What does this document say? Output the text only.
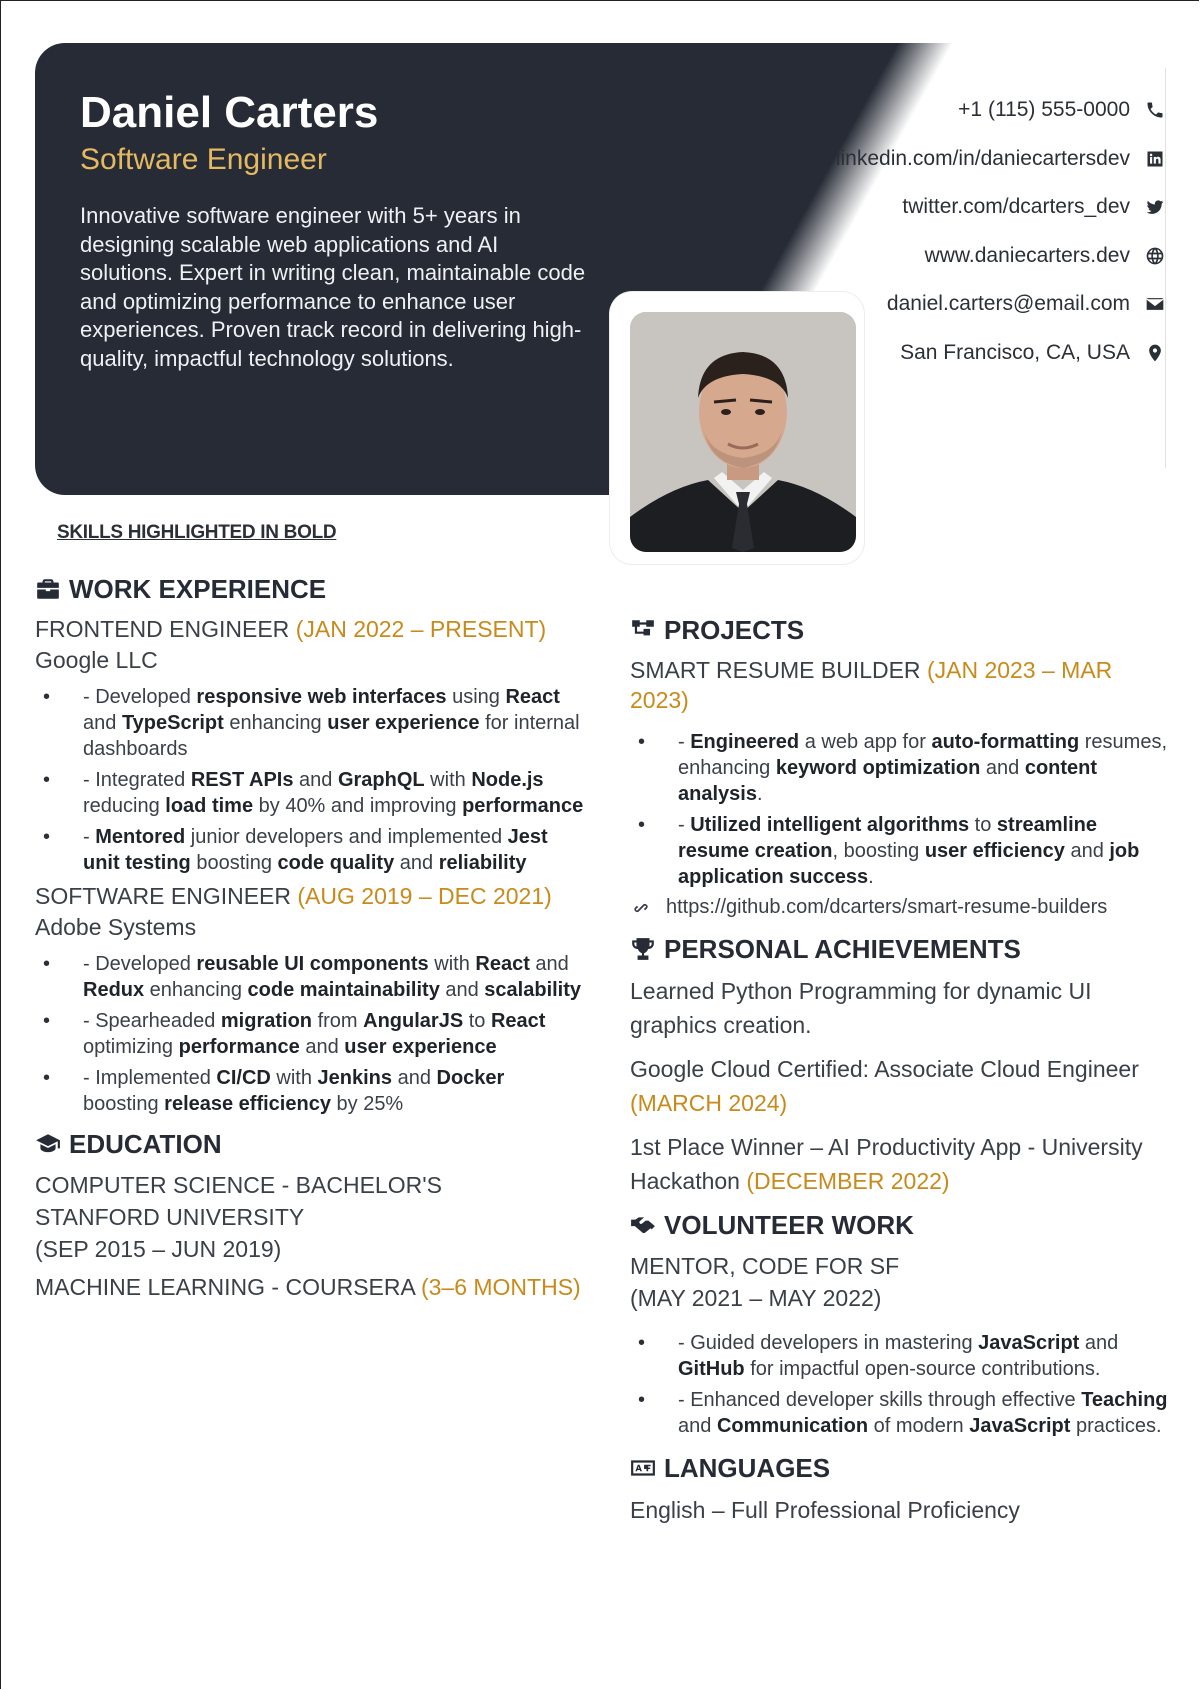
Daniel Carters
Software Engineer

Innovative software engineer with 5+ years in designing scalable web applications and AI solutions. Expert in writing clean, maintainable code and optimizing performance to enhance user experiences. Proven track record in delivering high-quality, impactful technology solutions.

+1 (115) 555-0000
linkedin.com/in/daniecartersdev
twitter.com/dcarters_dev
www.daniecarters.dev
daniel.carters@email.com
San Francisco, CA, USA
SKILLS HIGHLIGHTED IN BOLD
WORK EXPERIENCE
FRONTEND ENGINEER (JAN 2022 – PRESENT)
Google LLC
• - Developed responsive web interfaces using React and TypeScript enhancing user experience for internal dashboards
• - Integrated REST APIs and GraphQL with Node.js reducing load time by 40% and improving performance
• - Mentored junior developers and implemented Jest unit testing boosting code quality and reliability
SOFTWARE ENGINEER (AUG 2019 – DEC 2021)
Adobe Systems
• - Developed reusable UI components with React and Redux enhancing code maintainability and scalability
• - Spearheaded migration from AngularJS to React optimizing performance and user experience
• - Implemented CI/CD with Jenkins and Docker boosting release efficiency by 25%
EDUCATION
COMPUTER SCIENCE - BACHELOR'S
STANFORD UNIVERSITY
(SEP 2015 – JUN 2019)
MACHINE LEARNING - COURSERA (3–6 MONTHS)
PROJECTS
SMART RESUME BUILDER (JAN 2023 – MAR 2023)
• - Engineered a web app for auto-formatting resumes, enhancing keyword optimization and content analysis.
• - Utilized intelligent algorithms to streamline resume creation, boosting user efficiency and job application success.
https://github.com/dcarters/smart-resume-builders
PERSONAL ACHIEVEMENTS
Learned Python Programming for dynamic UI graphics creation.
Google Cloud Certified: Associate Cloud Engineer (MARCH 2024)
1st Place Winner – AI Productivity App - University Hackathon (DECEMBER 2022)
VOLUNTEER WORK
MENTOR, CODE FOR SF
(MAY 2021 – MAY 2022)
• - Guided developers in mastering JavaScript and GitHub for impactful open-source contributions.
• - Enhanced developer skills through effective Teaching and Communication of modern JavaScript practices.
LANGUAGES
English – Full Professional Proficiency
